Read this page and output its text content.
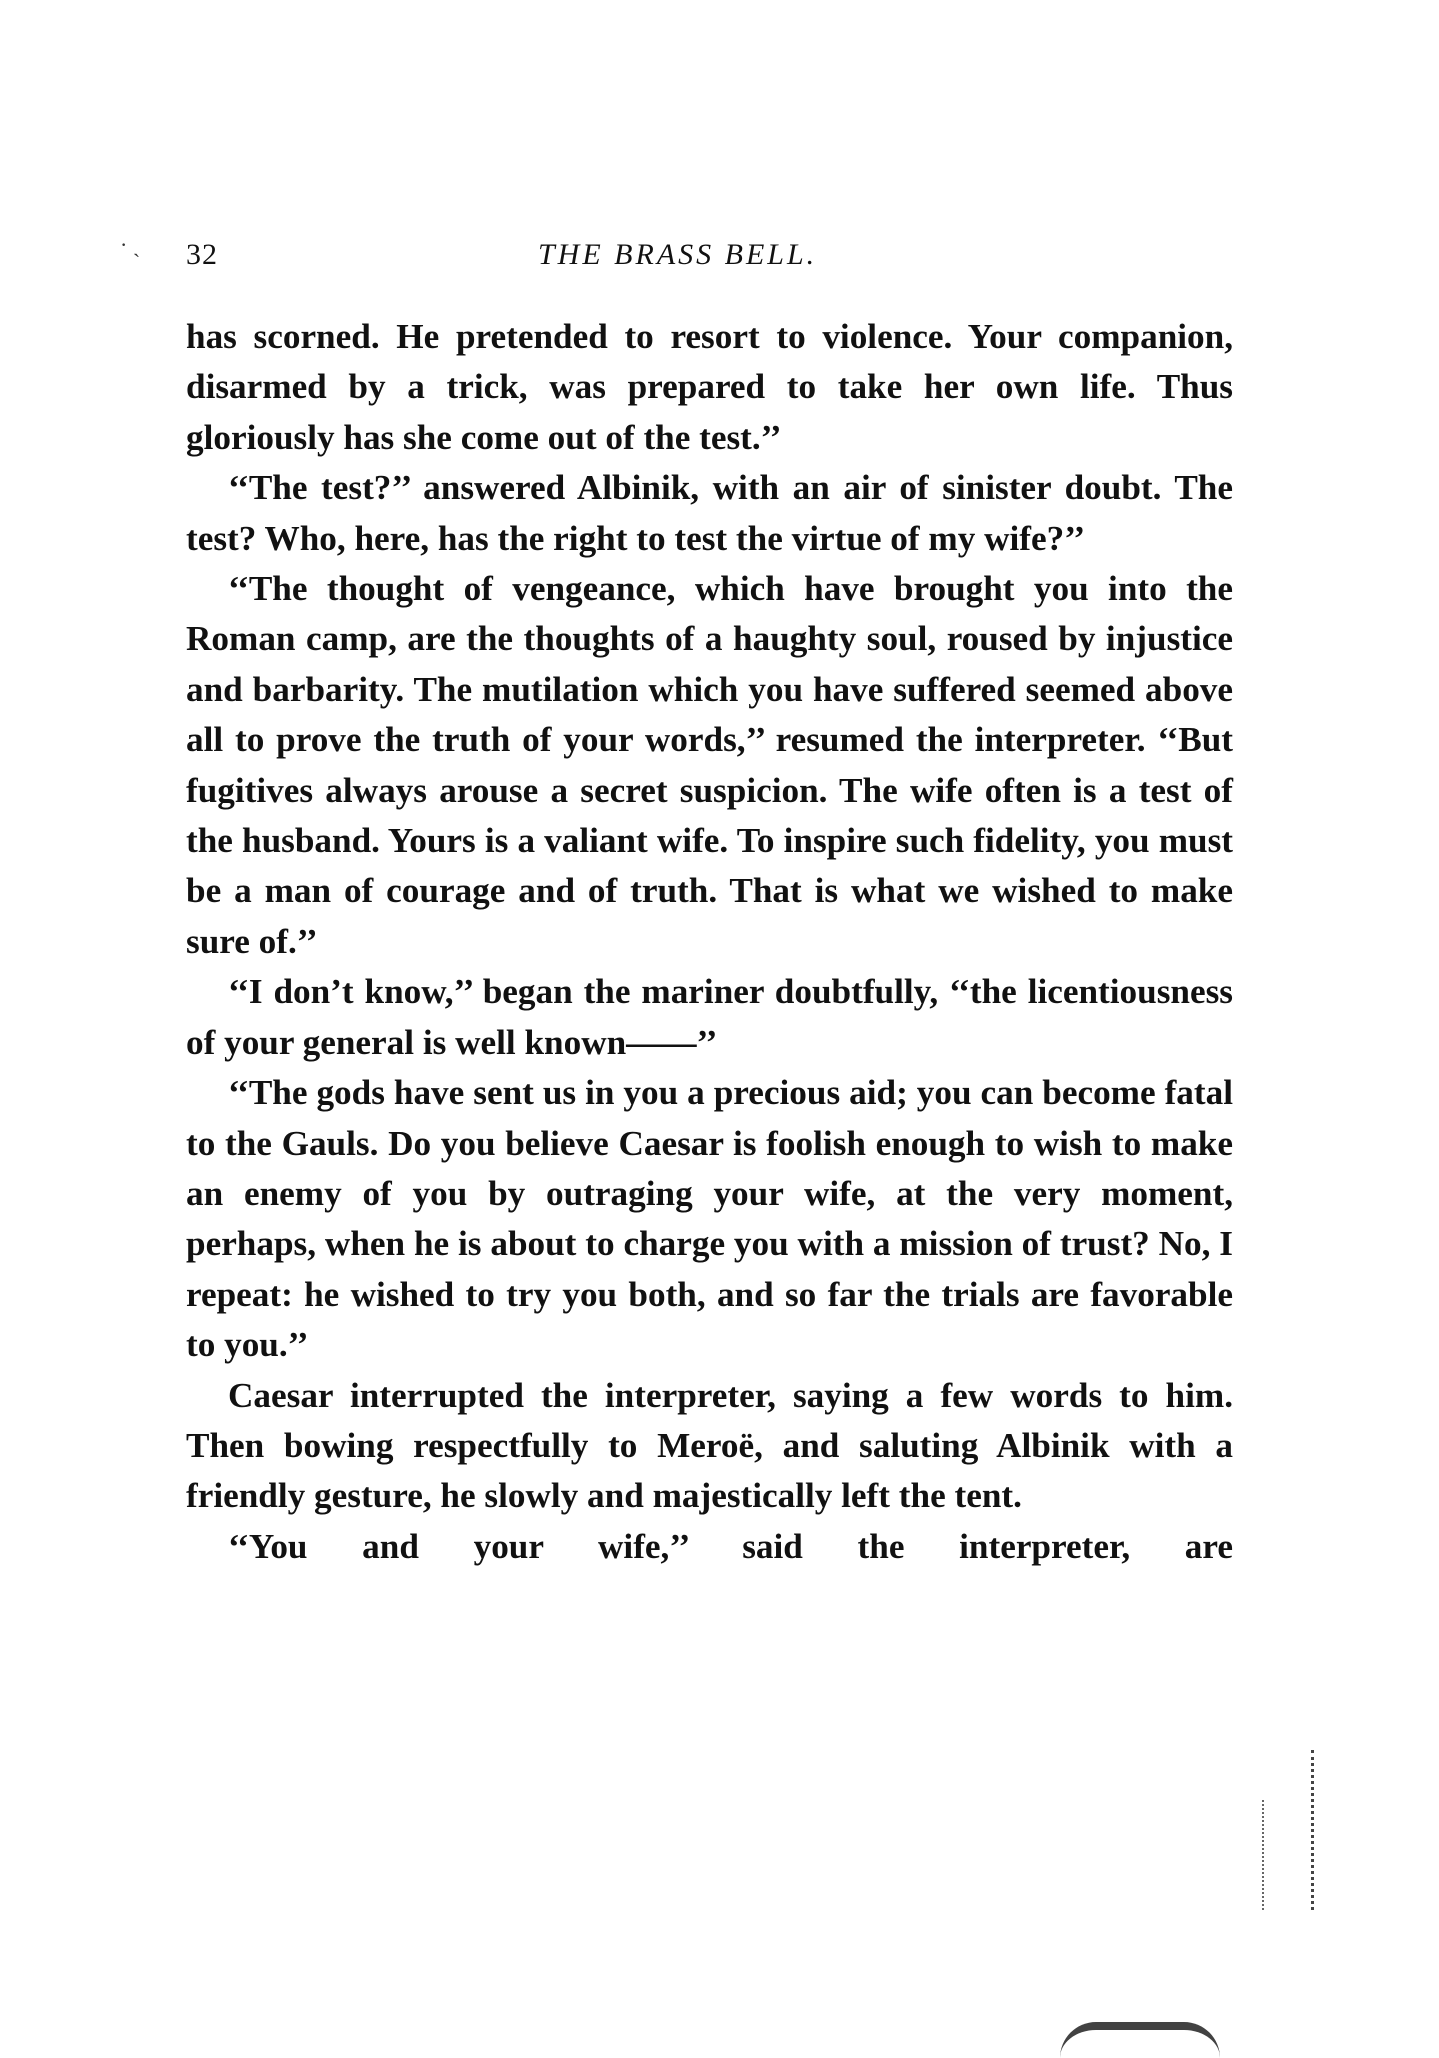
· ˏ 32	THE BRASS BELL.

has scorned. He pretended to resort to violence. Your companion, disarmed by a trick, was prepared to take her own life. Thus gloriously has she come out of the test.’’

‘‘The test?’’ answered Albinik, with an air of sinister doubt. The test? Who, here, has the right to test the virtue of my wife?’’

‘‘The thought of vengeance, which have brought you into the Roman camp, are the thoughts of a haughty soul, roused by injustice and barbarity. The mutilation which you have suffered seemed above all to prove the truth of your words,’’ resumed the interpreter. ‘‘But fugitives always arouse a secret suspicion. The wife often is a test of the husband. Yours is a valiant wife. To inspire such fidelity, you must be a man of courage and of truth. That is what we wished to make sure of.’’

‘‘I don’t know,’’ began the mariner doubtfully, ‘‘the licentiousness of your general is well known——’’

‘‘The gods have sent us in you a precious aid; you can become fatal to the Gauls. Do you believe Caesar is foolish enough to wish to make an enemy of you by outraging your wife, at the very moment, perhaps, when he is about to charge you with a mission of trust? No, I repeat: he wished to try you both, and so far the trials are favorable to you.’’

Caesar interrupted the interpreter, saying a few words to him. Then bowing respectfully to Meroë, and saluting Albinik with a friendly gesture, he slowly and majestically left the tent.

‘‘You and your wife,’’ said the interpreter, are
